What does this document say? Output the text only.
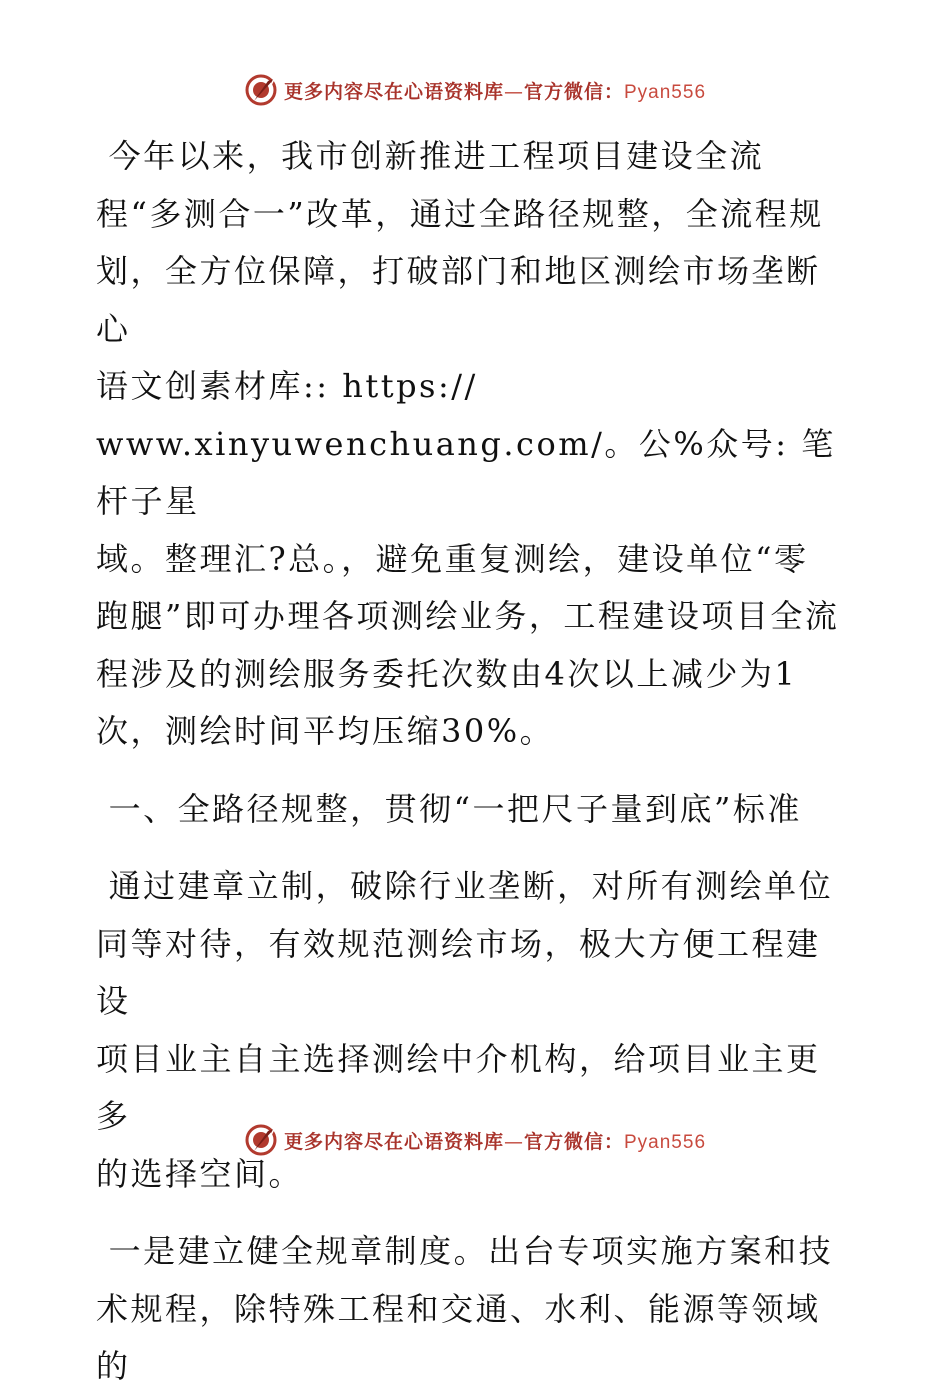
更多内容尽在心语资料库—官方微信：Pyan556

今年以来，我市创新推进工程项目建设全流

程“多测合一”改革，通过全路径规整，全流程规

划，全方位保障，打破部门和地区测绘市场垄断心

语文创素材库:: https://

www.xinyuwenchuang.com/。公%众号: 笔杆子星

域。整理汇?总。，避免重复测绘，建设单位“零

跑腿”即可办理各项测绘业务，工程建设项目全流

程涉及的测绘服务委托次数由4次以上减少为1

次，测绘时间平均压缩30%。

一、全路径规整，贯彻“一把尺子量到底”标准

通过建章立制，破除行业垄断，对所有测绘单位

同等对待，有效规范测绘市场，极大方便工程建设

项目业主自主选择测绘中介机构，给项目业主更多

的选择空间。

一是建立健全规章制度。出台专项实施方案和技

术规程，除特殊工程和交通、水利、能源等领域的

更多内容尽在心语资料库—官方微信：Pyan556
